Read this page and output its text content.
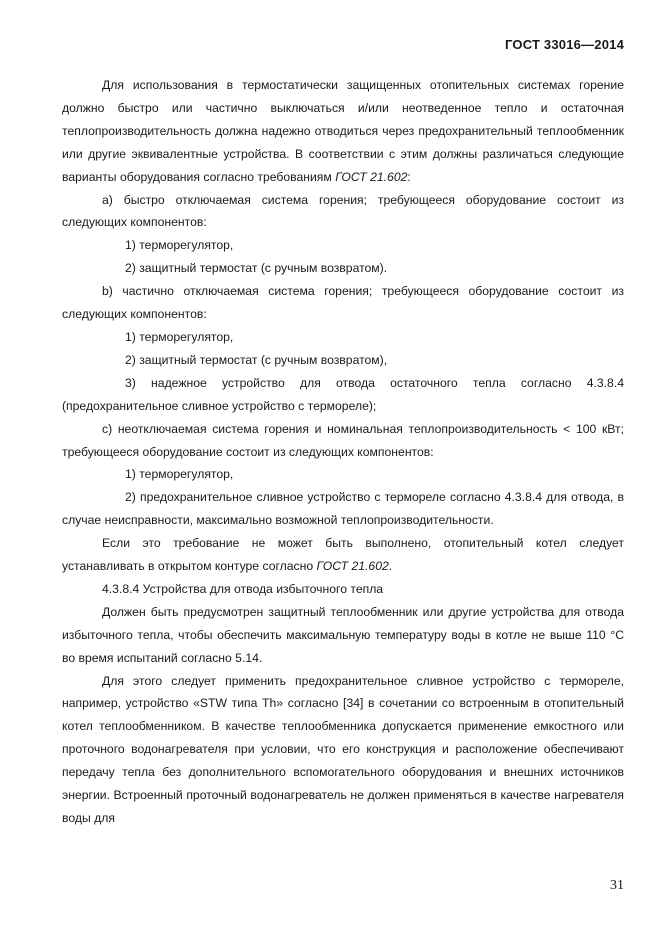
ГОСТ 33016—2014

Для использования в термостатически защищенных отопительных системах горение должно быстро или частично выключаться и/или неотведенное тепло и остаточная теплопроизводительность должна надежно отводиться через предохранительный теплообменник или другие эквивалентные устройства. В соответствии с этим должны различаться следующие варианты оборудования согласно требованиям ГОСТ 21.602:

а) быстро отключаемая система горения; требующееся оборудование состоит из следующих компонентов:

1) терморегулятор,

2) защитный термостат (с ручным возвратом).

b) частично отключаемая система горения; требующееся оборудование состоит из следующих компонентов:

1) терморегулятор,

2) защитный термостат (с ручным возвратом),

3) надежное устройство для отвода остаточного тепла согласно 4.3.8.4 (предохранительное сливное устройство с термореле);

с) неотключаемая система горения и номинальная теплопроизводительность < 100 кВт; требующееся оборудование состоит из следующих компонентов:

1) терморегулятор,

2) предохранительное сливное устройство с термореле согласно 4.3.8.4 для отвода, в случае неисправности, максимально возможной теплопроизводительности.

Если это требование не может быть выполнено, отопительный котел следует устанавливать в открытом контуре согласно ГОСТ 21.602.

4.3.8.4 Устройства для отвода избыточного тепла

Должен быть предусмотрен защитный теплообменник или другие устройства для отвода избыточного тепла, чтобы обеспечить максимальную температуру воды в котле не выше 110 °С во время испытаний согласно 5.14.

Для этого следует применить предохранительное сливное устройство с термореле, например, устройство «STW типа Th» согласно [34] в сочетании со встроенным в отопительный котел теплообменником. В качестве теплообменника допускается применение емкостного или проточного водонагревателя при условии, что его конструкция и расположение обеспечивают передачу тепла без дополнительного вспомогательного оборудования и внешних источников энергии. Встроенный проточный водонагреватель не должен применяться в качестве нагревателя воды для

31
